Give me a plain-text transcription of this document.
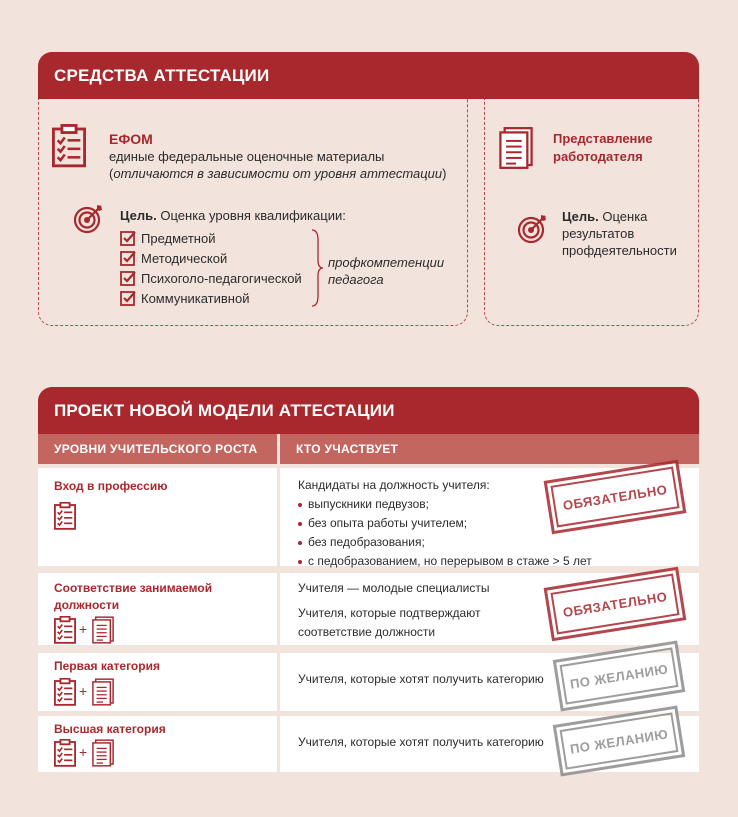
СРЕДСТВА АТТЕСТАЦИИ
ЕФОМ
единые федеральные оценочные материалы
(отличаются в зависимости от уровня аттестации)
Цель. Оценка уровня квалификации:
Предметной
Методической
Психоголо-педагогической
Коммуникативной
профкомпетенции
педагога
Представление
работодателя
Цель. Оценка
результатов
профдеятельности
ПРОЕКТ НОВОЙ МОДЕЛИ АТТЕСТАЦИИ
УРОВНИ УЧИТЕЛЬСКОГО РОСТА	КТО УЧАСТВУЕТ
Вход в профессию	Кандидаты на должность учителя:
выпускники педвузов;
без опыта работы учителем;
без педобразования;
с педобразованием, но перерывом в стаже > 5 лет
ОБЯЗАТЕЛЬНО
Соответствие занимаемой
должности
+
Учителя — молодые специалисты
Учителя, которые подтверждают
соответствие должности
ОБЯЗАТЕЛЬНО
Первая категория
+
Учителя, которые хотят получить категорию ПО ЖЕЛАНИЮ
Высшая категория
+
Учителя, которые хотят получить категорию ПО ЖЕЛАНИЮ
